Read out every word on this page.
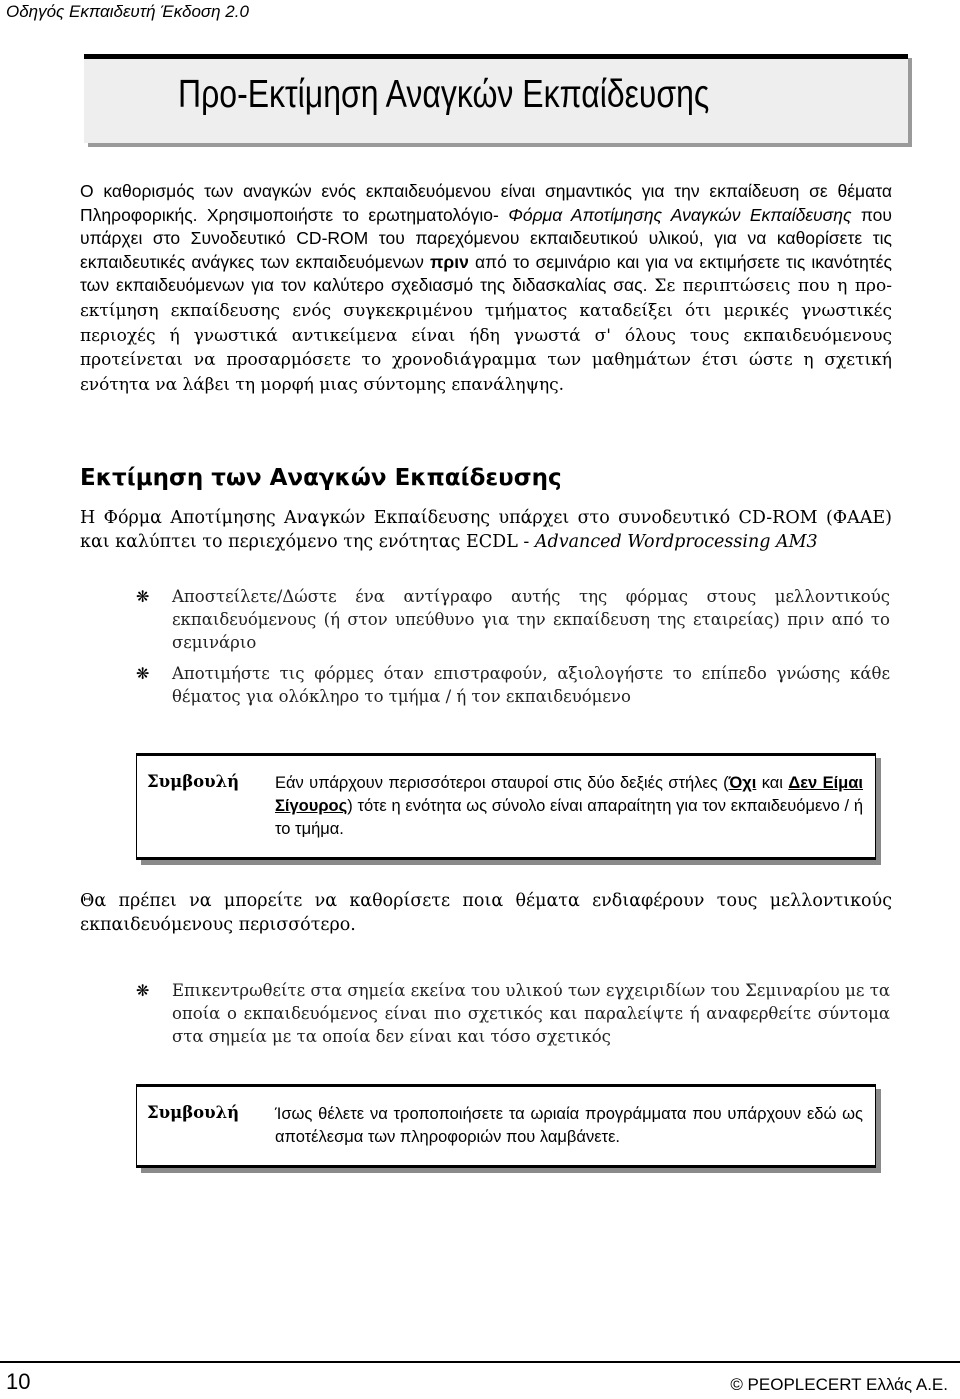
Οδηγός Εκπαιδευτή Έκδοση 2.0
Προ-Εκτίμηση Αναγκών Εκπαίδευσης
Ο καθορισμός των αναγκών ενός εκπαιδευόμενου είναι σημαντικός για την εκπαίδευση σε θέματα Πληροφορικής. Χρησιμοποιήστε το ερωτηματολόγιο- Φόρμα Αποτίμησης Αναγκών Εκπαίδευσης που υπάρχει στο Συνοδευτικό CD-ROM του παρεχόμενου εκπαιδευτικού υλικού, για να καθορίσετε τις εκπαιδευτικές ανάγκες των εκπαιδευόμενων πριν από το σεμινάριο και για να εκτιμήσετε τις ικανότητές των εκπαιδευόμενων για τον καλύτερο σχεδιασμό της διδασκαλίας σας. Σε περιπτώσεις που η προ-εκτίμηση εκπαίδευσης ενός συγκεκριμένου τμήματος καταδείξει ότι μερικές γνωστικές περιοχές ή γνωστικά αντικείμενα είναι ήδη γνωστά σ' όλους τους εκπαιδευόμενους προτείνεται να προσαρμόσετε το χρονοδιάγραμμα των μαθημάτων έτσι ώστε η σχετική ενότητα να λάβει τη μορφή μιας σύντομης επανάληψης.
Εκτίμηση των Αναγκών Εκπαίδευσης
Η Φόρμα Αποτίμησης Αναγκών Εκπαίδευσης υπάρχει στο συνοδευτικό CD-ROM (ΦΑΑΕ) και καλύπτει το περιεχόμενο της ενότητας ECDL - Advanced Wordprocessing AM3
❋	Αποστείλετε/Δώστε ένα αντίγραφο αυτής της φόρμας στους μελλοντικούς εκπαιδευόμενους (ή στον υπεύθυνο για την εκπαίδευση της εταιρείας) πριν από το σεμινάριο
❋	Αποτιμήστε τις φόρμες όταν επιστραφούν, αξιολογήστε το επίπεδο γνώσης κάθε θέματος για ολόκληρο το τμήμα / ή τον εκπαιδευόμενο
Συμβουλή Εάν υπάρχουν περισσότεροι σταυροί στις δύο δεξιές στήλες (Όχι και Δεν Είμαι Σίγουρος) τότε η ενότητα ως σύνολο είναι απαραίτητη για τον εκπαιδευόμενο / ή το τμήμα.
Θα πρέπει να μπορείτε να καθορίσετε ποια θέματα ενδιαφέρουν τους μελλοντικούς εκπαιδευόμενους περισσότερο.
❋	Επικεντρωθείτε στα σημεία εκείνα του υλικού των εγχειριδίων του Σεμιναρίου με τα οποία ο εκπαιδευόμενος είναι πιο σχετικός και παραλείψτε ή αναφερθείτε σύντομα στα σημεία με τα οποία δεν είναι και τόσο σχετικός
Συμβουλή Ίσως θέλετε να τροποποιήσετε τα ωριαία προγράμματα που υπάρχουν εδώ ως αποτέλεσμα των πληροφοριών που λαμβάνετε.
10	© PEOPLECERT Ελλάς Α.Ε.
